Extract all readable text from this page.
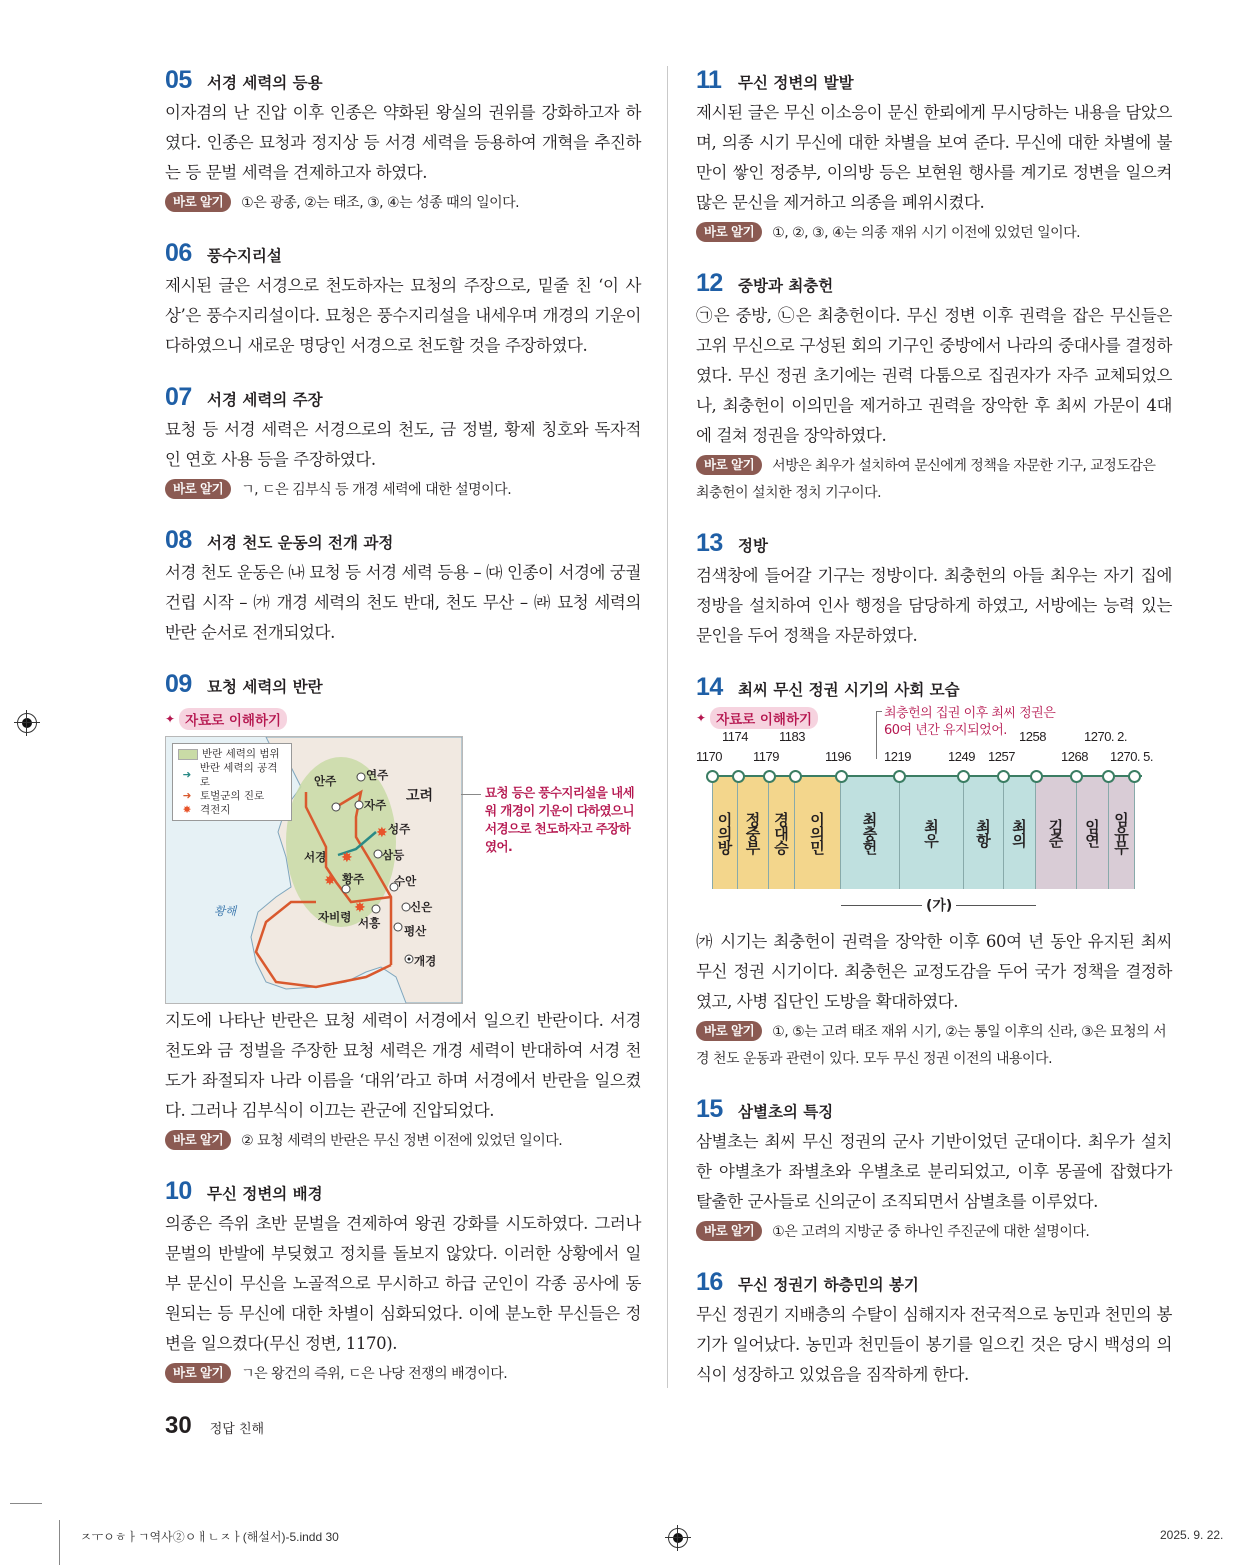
05 서경 세력의 등용
이자겸의 난 진압 이후 인종은 약화된 왕실의 권위를 강화하고자 하였다. 인종은 묘청과 정지상 등 서경 세력을 등용하여 개혁을 추진하는 등 문벌 세력을 견제하고자 하였다.
바로 알기 ①은 광종, ②는 태조, ③, ④는 성종 때의 일이다.
06 풍수지리설
제시된 글은 서경으로 천도하자는 묘청의 주장으로, 밑줄 친 ‘이 사상’은 풍수지리설이다. 묘청은 풍수지리설을 내세우며 개경의 기운이 다하였으니 새로운 명당인 서경으로 천도할 것을 주장하였다.
07 서경 세력의 주장
묘청 등 서경 세력은 서경으로의 천도, 금 정벌, 황제 칭호와 독자적인 연호 사용 등을 주장하였다.
바로 알기 ㄱ, ㄷ은 김부식 등 개경 세력에 대한 설명이다.
08 서경 천도 운동의 전개 과정
서경 천도 운동은 ㈏ 묘청 등 서경 세력 등용 – ㈐ 인종이 서경에 궁궐 건립 시작 – ㈎ 개경 세력의 천도 반대, 천도 무산 – ㈑ 묘청 세력의 반란 순서로 전개되었다.
09 묘청 세력의 반란
✦ 자료로 이해하기
✸
✸
✸
✸
반란 세력의 범위
➜
반란 세력의 공격로
➜ 토벌군의 진로
✸ 격전지
안주	연주
고려
자주
성주
서경	삼등
황주	수안
신은
자비령 서흥
평산
개경
황해
묘청 등은 풍수지리설을 내세워 개경이 기운이 다하였으니 서경으로 천도하자고 주장하였어.
지도에 나타난 반란은 묘청 세력이 서경에서 일으킨 반란이다. 서경 천도와 금 정벌을 주장한 묘청 세력은 개경 세력이 반대하여 서경 천도가 좌절되자 나라 이름을 ‘대위’라고 하며 서경에서 반란을 일으켰다. 그러나 김부식이 이끄는 관군에 진압되었다.
바로 알기 ② 묘청 세력의 반란은 무신 정변 이전에 있었던 일이다.
10 무신 정변의 배경
의종은 즉위 초반 문벌을 견제하여 왕권 강화를 시도하였다. 그러나 문벌의 반발에 부딪혔고 정치를 돌보지 않았다. 이러한 상황에서 일부 문신이 무신을 노골적으로 무시하고 하급 군인이 각종 공사에 동원되는 등 무신에 대한 차별이 심화되었다. 이에 분노한 무신들은 정변을 일으켰다(무신 정변, 1170).
바로 알기 ㄱ은 왕건의 즉위, ㄷ은 나당 전쟁의 배경이다.
11	무신 정변의 발발
제시된 글은 무신 이소응이 문신 한뢰에게 무시당하는 내용을 담았으며, 의종 시기 무신에 대한 차별을 보여 준다. 무신에 대한 차별에 불만이 쌓인 정중부, 이의방 등은 보현원 행사를 계기로 정변을 일으켜 많은 문신을 제거하고 의종을 폐위시켰다.
바로 알기 ①, ②, ③, ④는 의종 재위 시기 이전에 있었던 일이다.
12 중방과 최충헌
㉠은 중방, ㉡은 최충헌이다. 무신 정변 이후 권력을 잡은 무신들은 고위 무신으로 구성된 회의 기구인 중방에서 나라의 중대사를 결정하였다. 무신 정권 초기에는 권력 다툼으로 집권자가 자주 교체되었으나, 최충헌이 이의민을 제거하고 권력을 장악한 후 최씨 가문이 4대에 걸쳐 정권을 장악하였다.
바로 알기 서방은 최우가 설치하여 문신에게 정책을 자문한 기구, 교정도감은 최충헌이 설치한 정치 기구이다.
13 정방
검색창에 들어갈 기구는 정방이다. 최충헌의 아들 최우는 자기 집에 정방을 설치하여 인사 행정을 담당하게 하였고, 서방에는 능력 있는 문인을 두어 정책을 자문하였다.
14 최씨 무신 정권 시기의 사회 모습
✦ 자료로 이해하기	최충헌의 집권 이후 최씨 정권은
60여 년간 유지되었어.
1174 1183	1258	1270. 2.
1170 1179	1196	1219	1249 1257	1268 1270. 5.
이의방 정중부 경대승 이의민 최충헌	최우 최항 최의 김준 임연 임유무
(가)
㈎ 시기는 최충헌이 권력을 장악한 이후 60여 년 동안 유지된 최씨 무신 정권 시기이다. 최충헌은 교정도감을 두어 국가 정책을 결정하였고, 사병 집단인 도방을 확대하였다.
바로 알기 ①, ⑤는 고려 태조 재위 시기, ②는 통일 이후의 신라, ③은 묘청의 서경 천도 운동과 관련이 있다. 모두 무신 정권 이전의 내용이다.
15 삼별초의 특징
삼별초는 최씨 무신 정권의 군사 기반이었던 군대이다. 최우가 설치한 야별초가 좌별초와 우별초로 분리되었고, 이후 몽골에 잡혔다가 탈출한 군사들로 신의군이 조직되면서 삼별초를 이루었다.
바로 알기 ①은 고려의 지방군 중 하나인 주진군에 대한 설명이다.
16 무신 정권기 하층민의 봉기
무신 정권기 지배층의 수탈이 심해지자 전국적으로 농민과 천민의 봉기가 일어났다. 농민과 천민들이 봉기를 일으킨 것은 당시 백성의 의식이 성장하고 있었음을 짐작하게 한다.
30 정답 친해
ㅈㅜㅇㅎㅏㄱ역사②ㅇㅐㄴㅈㅏ(해설서)-5.indd 30	2025. 9. 22.
